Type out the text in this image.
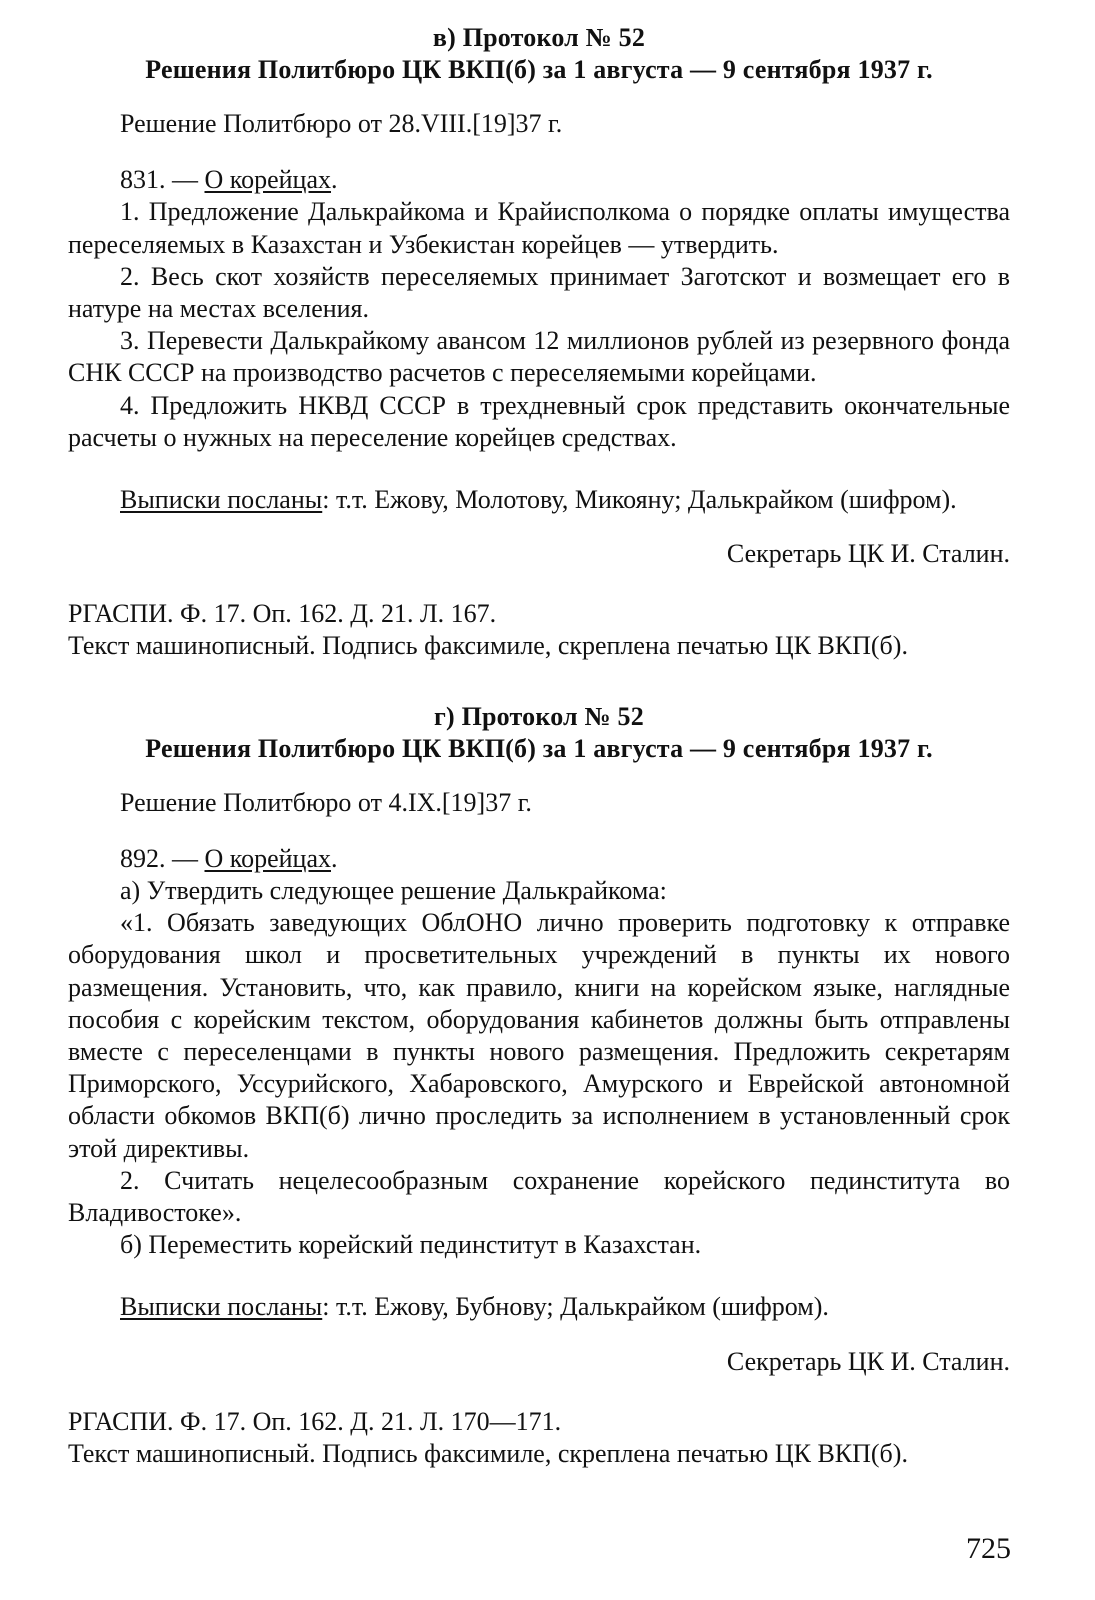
в) Протокол № 52

Решения Политбюро ЦК ВКП(б) за 1 августа — 9 сентября 1937 г.

Решение Политбюро от 28.VIII.[19]37 г.

831. — О корейцах.

1. Предложение Далькрайкома и Крайисполкома о порядке оплаты имущества переселяемых в Казахстан и Узбекистан корейцев — утвердить.

2. Весь скот хозяйств переселяемых принимает Заготскот и возмещает его в натуре на местах вселения.

3. Перевести Далькрайкому авансом 12 миллионов рублей из резервного фонда СНК СССР на производство расчетов с переселяемыми корейцами.

4. Предложить НКВД СССР в трехдневный срок представить окончательные расчеты о нужных на переселение корейцев средствах.

Выписки посланы: т.т. Ежову, Молотову, Микояну; Далькрайком (шифром).

Секретарь ЦК И. Сталин.

РГАСПИ. Ф. 17. Оп. 162. Д. 21. Л. 167.

Текст машинописный. Подпись факсимиле, скреплена печатью ЦК ВКП(б).

г) Протокол № 52

Решения Политбюро ЦК ВКП(б) за 1 августа — 9 сентября 1937 г.

Решение Политбюро от 4.IX.[19]37 г.

892. — О корейцах.

а) Утвердить следующее решение Далькрайкома:

«1. Обязать заведующих ОблОНО лично проверить подготовку к отправке оборудования школ и просветительных учреждений в пункты их нового размещения. Установить, что, как правило, книги на корейском языке, наглядные пособия с корейским текстом, оборудования кабинетов должны быть отправлены вместе с переселенцами в пункты нового размещения. Предложить секретарям Приморского, Уссурийского, Хабаровского, Амурского и Еврейской автономной области обкомов ВКП(б) лично проследить за исполнением в установленный срок этой директивы.

2. Считать нецелесообразным сохранение корейского пединститута во Владивостоке».

б) Переместить корейский пединститут в Казахстан.

Выписки посланы: т.т. Ежову, Бубнову; Далькрайком (шифром).

Секретарь ЦК И. Сталин.

РГАСПИ. Ф. 17. Оп. 162. Д. 21. Л. 170—171.

Текст машинописный. Подпись факсимиле, скреплена печатью ЦК ВКП(б).

725
